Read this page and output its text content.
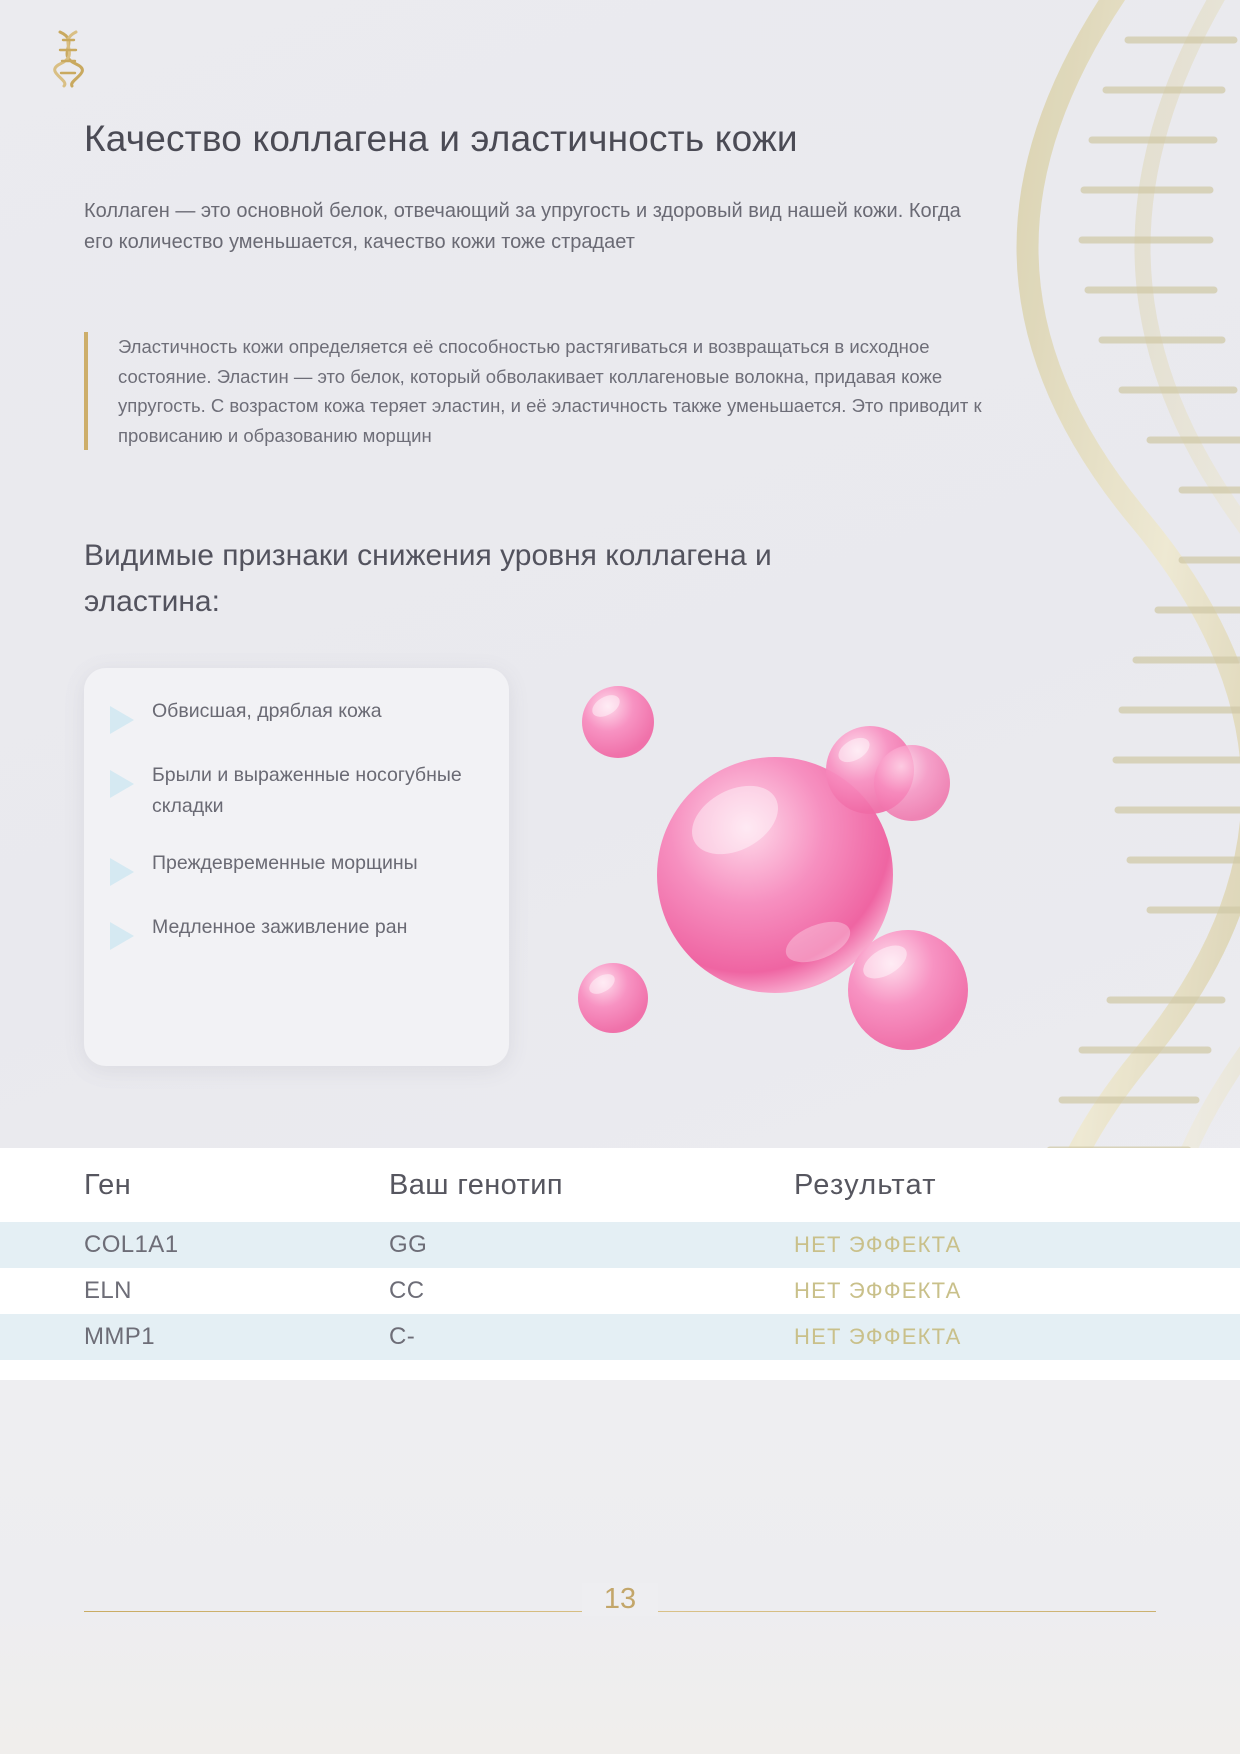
Качество коллагена и эластичность кожи
Коллаген — это основной белок, отвечающий за упругость и здоровый вид нашей кожи. Когда его количество уменьшается, качество кожи тоже страдает
Эластичность кожи определяется её способностью растягиваться и возвращаться в исходное состояние. Эластин — это белок, который обволакивает коллагеновые волокна, придавая коже упругость. С возрастом кожа теряет эластин, и её эластичность также уменьшается. Это приводит к провисанию и образованию морщин
Видимые признаки снижения уровня коллагена и эластина:
Обвисшая, дряблая кожа
Брыли и выраженные носогубные складки
Преждевременные морщины
Медленное заживление ран
Ген	Ваш генотип	Результат
COL1A1	GG	НЕТ ЭФФЕКТА
ELN	CC	НЕТ ЭФФЕКТА
MMP1	C-	НЕТ ЭФФЕКТА
13
